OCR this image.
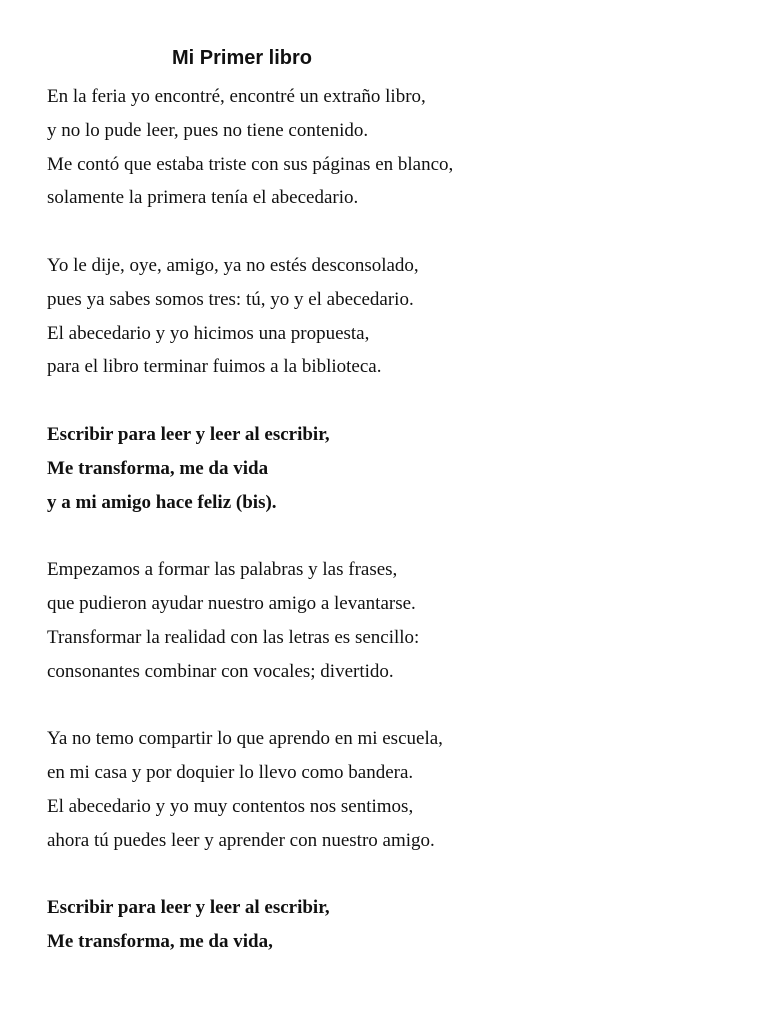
Mi Primer libro
En la feria yo encontré, encontré un extraño libro,
y no lo pude leer, pues no tiene contenido.
Me contó que estaba triste con sus páginas en blanco,
solamente la primera tenía el abecedario.
Yo le dije, oye, amigo, ya no estés desconsolado,
pues ya sabes somos tres: tú, yo y el abecedario.
El abecedario y yo hicimos una propuesta,
para el libro terminar fuimos a la biblioteca.
Escribir para leer y leer al escribir,
Me transforma, me da vida
y a mi amigo hace feliz (bis).
Empezamos a formar las palabras y las frases,
que pudieron ayudar nuestro amigo a levantarse.
Transformar la realidad con las letras es sencillo:
consonantes combinar con vocales; divertido.
Ya no temo compartir lo que aprendo en mi escuela,
en mi casa y por doquier lo llevo como bandera.
El abecedario y yo muy contentos nos sentimos,
ahora tú puedes leer y aprender con nuestro amigo.
Escribir para leer y leer al escribir,
Me transforma, me da vida,
